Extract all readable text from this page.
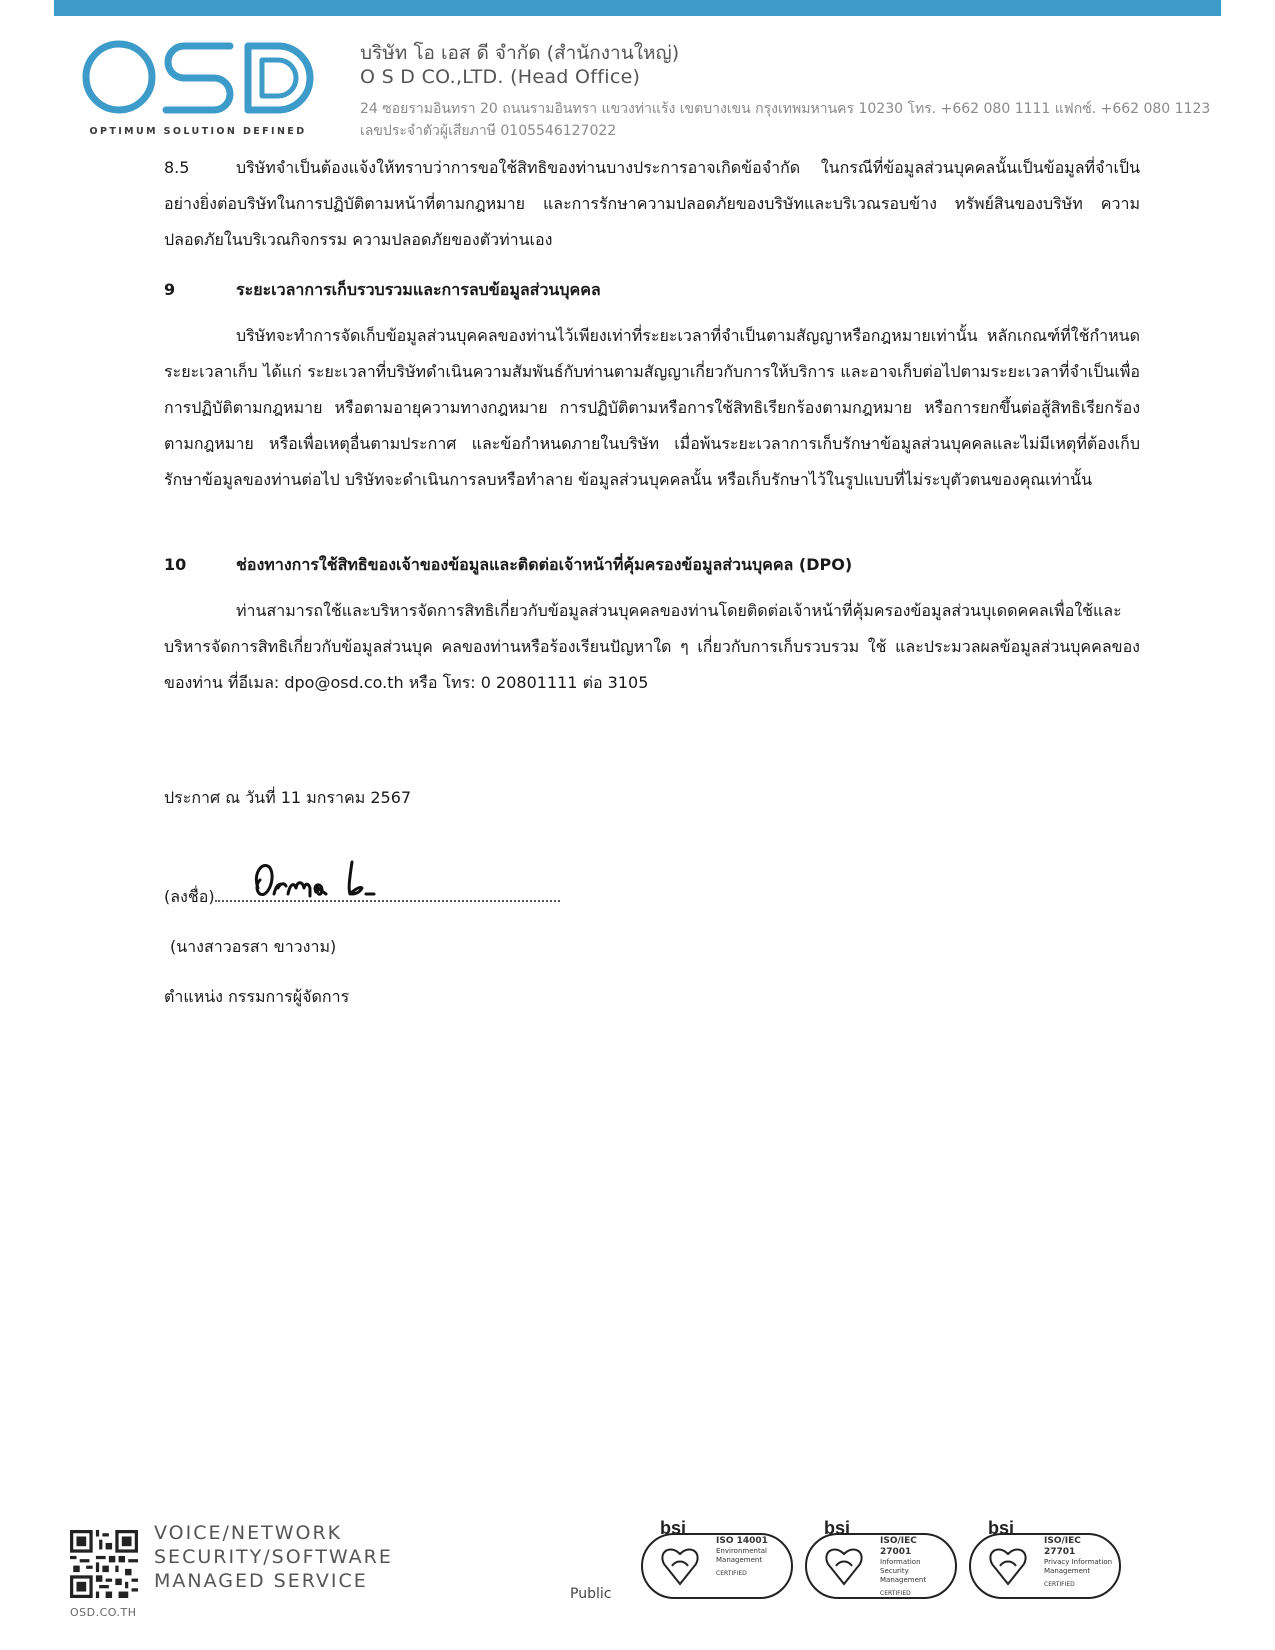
OPTIMUM SOLUTION DEFINED
บริษัท โอ เอส ดี จำกัด (สำนักงานใหญ่)
O S D CO.,LTD. (Head Office)
24 ซอยรามอินทรา 20 ถนนรามอินทรา แขวงท่าแร้ง เขตบางเขน กรุงเทพมหานคร 10230 โทร. +662 080 1111 แฟกซ์. +662 080 1123
เลขประจำตัวผู้เสียภาษี 0105546127022
8.5	บริษัทจำเป็นต้องแจ้งให้ทราบว่าการขอใช้สิทธิของท่านบางประการอาจเกิดข้อจำกัด ในกรณีที่ข้อมูลส่วนบุคคลนั้นเป็นข้อมูลที่จำเป็นอย่างยิ่งต่อบริษัทในการปฏิบัติตามหน้าที่ตามกฎหมาย และการรักษาความปลอดภัยของบริษัทและบริเวณรอบข้าง ทรัพย์สินของบริษัท ความปลอดภัยในบริเวณกิจกรรม ความปลอดภัยของตัวท่านเอง
9	ระยะเวลาการเก็บรวบรวมและการลบข้อมูลส่วนบุคคล
บริษัทจะทำการจัดเก็บข้อมูลส่วนบุคคลของท่านไว้เพียงเท่าที่ระยะเวลาที่จำเป็นตามสัญญาหรือกฎหมายเท่านั้น หลักเกณฑ์ที่ใช้กำหนดระยะเวลาเก็บ ได้แก่ ระยะเวลาที่บริษัทดำเนินความสัมพันธ์กับท่านตามสัญญาเกี่ยวกับการให้บริการ และอาจเก็บต่อไปตามระยะเวลาที่จำเป็นเพื่อการปฏิบัติตามกฎหมาย หรือตามอายุความทางกฎหมาย การปฏิบัติตามหรือการใช้สิทธิเรียกร้องตามกฎหมาย หรือการยกขึ้นต่อสู้สิทธิเรียกร้องตามกฎหมาย หรือเพื่อเหตุอื่นตามประกาศ และข้อกำหนดภายในบริษัท เมื่อพ้นระยะเวลาการเก็บรักษาข้อมูลส่วนบุคคลและไม่มีเหตุที่ต้องเก็บรักษาข้อมูลของท่านต่อไป บริษัทจะดำเนินการลบหรือทำลาย ข้อมูลส่วนบุคคลนั้น หรือเก็บรักษาไว้ในรูปแบบที่ไม่ระบุตัวตนของคุณเท่านั้น
10	ช่องทางการใช้สิทธิของเจ้าของข้อมูลและติดต่อเจ้าหน้าที่คุ้มครองข้อมูลส่วนบุคคล (DPO)
ท่านสามารถใช้และบริหารจัดการสิทธิเกี่ยวกับข้อมูลส่วนบุคคลของท่านโดยติดต่อเจ้าหน้าที่คุ้มครองข้อมูลส่วนบุเดดคคลเพื่อใช้และบริหารจัดการสิทธิเกี่ยวกับข้อมูลส่วนบุค คลของท่านหรือร้องเรียนปัญหาใด ๆ เกี่ยวกับการเก็บรวบรวม ใช้ และประมวลผลข้อมูลส่วนบุคคลของของท่าน ที่อีเมล: dpo@osd.co.th หรือ โทร: 0 20801111 ต่อ 3105
ประกาศ ณ วันที่ 11 มกราคม 2567
(ลงชื่อ)
(นางสาวอรสา ขาวงาม)
ตำแหน่ง กรรมการผู้จัดการ
OSD.CO.TH
VOICE/NETWORK
SECURITY/SOFTWARE
MANAGED SERVICE
Public
bsi
ISO 14001
Environmental Management
CERTIFIED
bsi
ISO/IEC 27001
Information Security Management
CERTIFIED
bsi
ISO/IEC 27701
Privacy Information Management
CERTIFIED
